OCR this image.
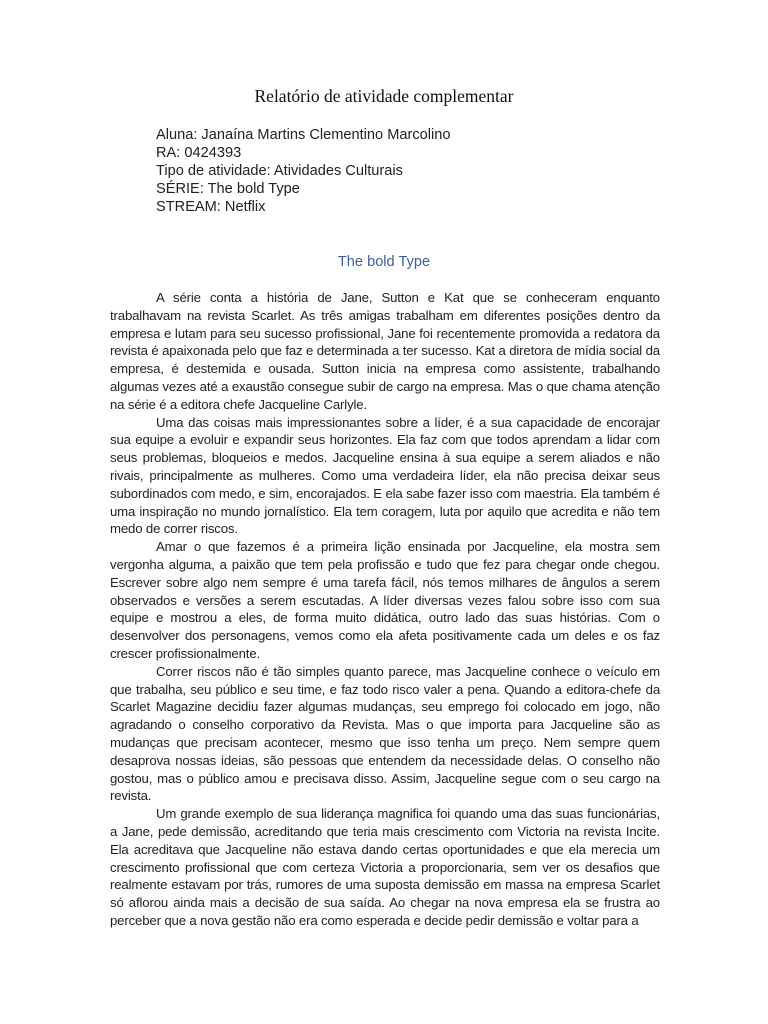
Relatório de atividade complementar
Aluna: Janaína Martins Clementino Marcolino
RA: 0424393
Tipo de atividade: Atividades Culturais
SÉRIE: The bold Type
STREAM: Netflix
The bold Type

A série conta a história de Jane, Sutton e Kat que se conheceram enquanto trabalhavam na revista Scarlet. As três amigas trabalham em diferentes posições dentro da empresa e lutam para seu sucesso profissional, Jane foi recentemente promovida a redatora da revista é apaixonada pelo que faz e determinada a ter sucesso. Kat a diretora de mídia social da empresa, é destemida e ousada. Sutton inicia na empresa como assistente, trabalhando algumas vezes até a exaustão consegue subir de cargo na empresa. Mas o que chama atenção na série é a editora chefe Jacqueline Carlyle.

Uma das coisas mais impressionantes sobre a líder, é a sua capacidade de encorajar sua equipe a evoluir e expandir seus horizontes. Ela faz com que todos aprendam a lidar com seus problemas, bloqueios e medos. Jacqueline ensina à sua equipe a serem aliados e não rivais, principalmente as mulheres. Como uma verdadeira líder, ela não precisa deixar seus subordinados com medo, e sim, encorajados. E ela sabe fazer isso com maestria. Ela também é uma inspiração no mundo jornalístico. Ela tem coragem, luta por aquilo que acredita e não tem medo de correr riscos.

Amar o que fazemos é a primeira lição ensinada por Jacqueline, ela mostra sem vergonha alguma, a paixão que tem pela profissão e tudo que fez para chegar onde chegou. Escrever sobre algo nem sempre é uma tarefa fácil, nós temos milhares de ângulos a serem observados e versões a serem escutadas. A líder diversas vezes falou sobre isso com sua equipe e mostrou a eles, de forma muito didática, outro lado das suas histórias. Com o desenvolver dos personagens, vemos como ela afeta positivamente cada um deles e os faz crescer profissionalmente.

Correr riscos não é tão simples quanto parece, mas Jacqueline conhece o veículo em que trabalha, seu público e seu time, e faz todo risco valer a pena. Quando a editora-chefe da Scarlet Magazine decidiu fazer algumas mudanças, seu emprego foi colocado em jogo, não agradando o conselho corporativo da Revista. Mas o que importa para Jacqueline são as mudanças que precisam acontecer, mesmo que isso tenha um preço. Nem sempre quem desaprova nossas ideias, são pessoas que entendem da necessidade delas. O conselho não gostou, mas o público amou e precisava disso. Assim, Jacqueline segue com o seu cargo na revista.

Um grande exemplo de sua liderança magnifica foi quando uma das suas funcionárias, a Jane, pede demissão, acreditando que teria mais crescimento com Victoria na revista Incite. Ela acreditava que Jacqueline não estava dando certas oportunidades e que ela merecia um crescimento profissional que com certeza Victoria a proporcionaria, sem ver os desafios que realmente estavam por trás, rumores de uma suposta demissão em massa na empresa Scarlet só aflorou ainda mais a decisão de sua saída. Ao chegar na nova empresa ela se frustra ao perceber que a nova gestão não era como esperada e decide pedir demissão e voltar para a
